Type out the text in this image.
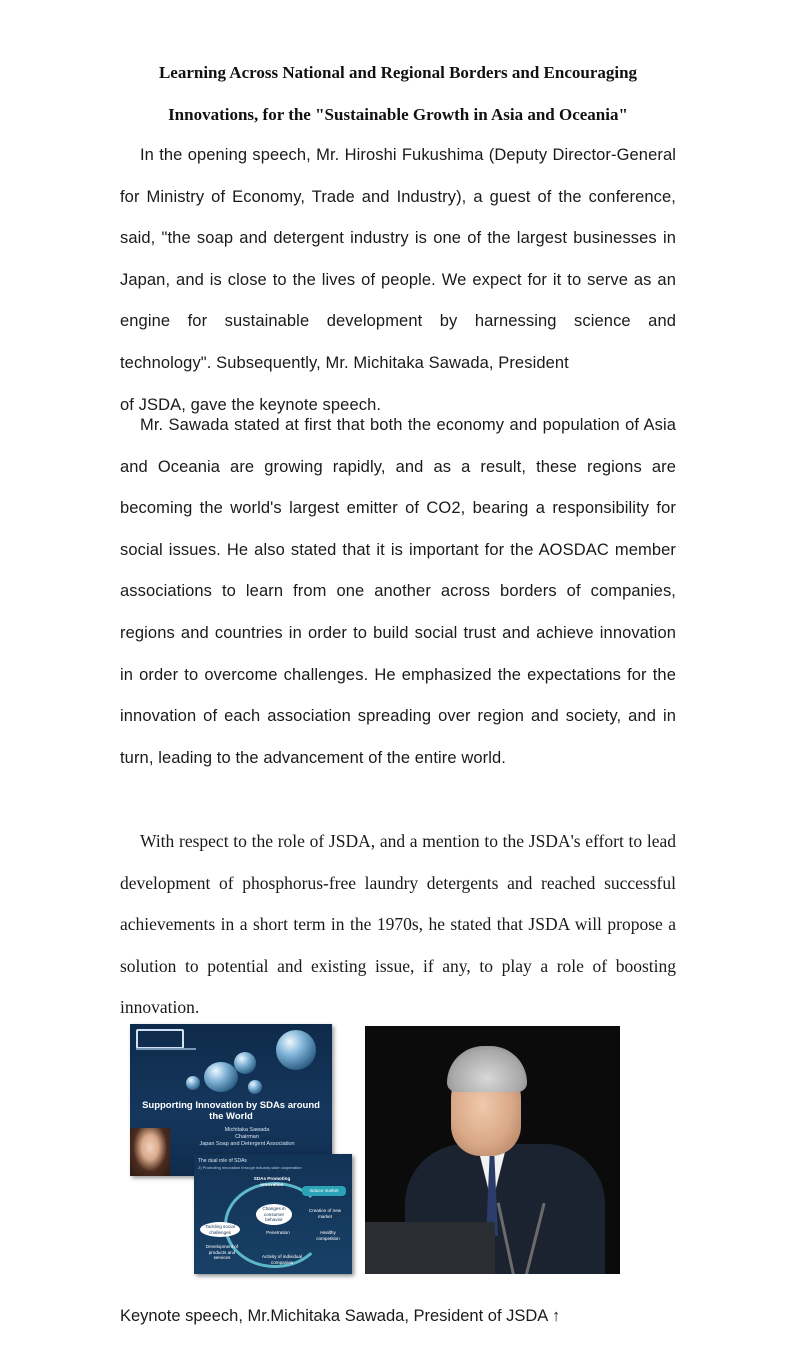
Learning Across National and Regional Borders and Encouraging
Innovations, for the "Sustainable Growth in Asia and Oceania"

In the opening speech, Mr. Hiroshi Fukushima (Deputy Director-General for Ministry of Economy, Trade and Industry), a guest of the conference, said, "the soap and detergent industry is one of the largest businesses in Japan, and is close to the lives of people. We expect for it to serve as an engine for sustainable development by harnessing science and technology". Subsequently, Mr. Michitaka Sawada, President
of JSDA, gave the keynote speech.

Mr. Sawada stated at first that both the economy and population of Asia and Oceania are growing rapidly, and as a result, these regions are becoming the world's largest emitter of CO2, bearing a responsibility for social issues. He also stated that it is important for the AOSDAC member associations to learn from one another across borders of companies, regions and countries in order to build social trust and achieve innovation in order to overcome challenges. He emphasized the expectations for the innovation of each association spreading over region and society, and in turn, leading to the advancement of the entire world.

With respect to the role of JSDA, and a mention to the JSDA's effort to lead development of phosphorus-free laundry detergents and reached successful achievements in a short term in the 1970s, he stated that JSDA will propose a solution to potential and existing issue, if any, to play a role of boosting innovation.

Supporting Innovation by SDAs around the World

Michitaka Sawada
Chairman
Japan Soap and Detergent Association

The dual role of SDAs
2) Promoting innovation through industry-wide cooperation
SDAs Promoting innovation
Induce market
Changes in consumer behavior
Creation of new market
Tackling social challenges	Penetration	Healthy competition
Development of products and services	Activity of individual companies

Keynote speech, Mr.Michitaka Sawada, President of JSDA ↑
